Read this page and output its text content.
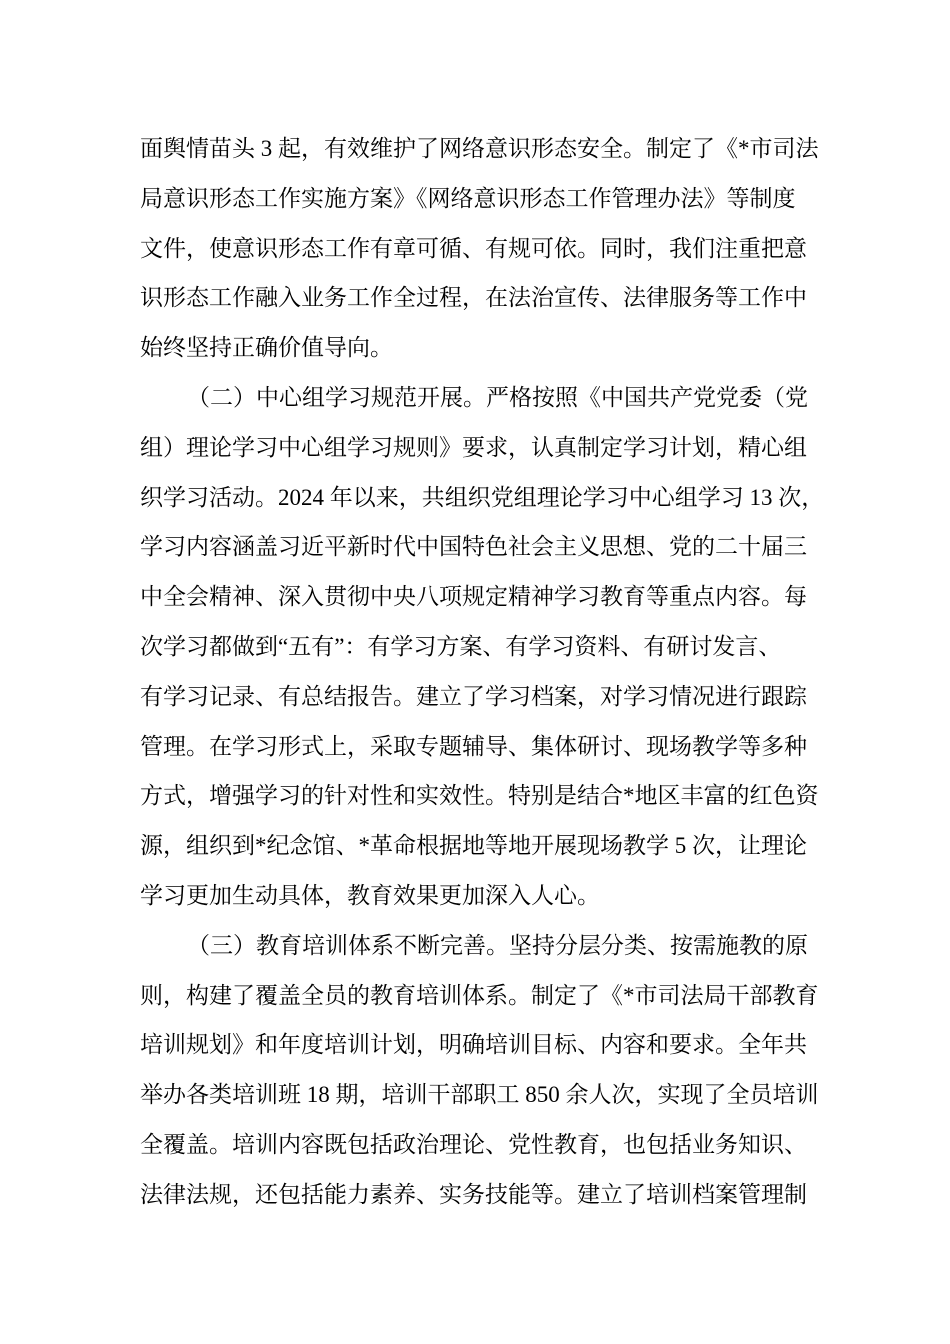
面舆情苗头 3 起，有效维护了网络意识形态安全。制定了《*市司法
局意识形态工作实施方案》《网络意识形态工作管理办法》等制度
文件，使意识形态工作有章可循、有规可依。同时，我们注重把意
识形态工作融入业务工作全过程，在法治宣传、法律服务等工作中
始终坚持正确价值导向。
（二）中心组学习规范开展。严格按照《中国共产党党委（党
组）理论学习中心组学习规则》要求，认真制定学习计划，精心组
织学习活动。2024 年以来，共组织党组理论学习中心组学习 13 次，
学习内容涵盖习近平新时代中国特色社会主义思想、党的二十届三
中全会精神、深入贯彻中央八项规定精神学习教育等重点内容。每
次学习都做到“五有”：有学习方案、有学习资料、有研讨发言、
有学习记录、有总结报告。建立了学习档案，对学习情况进行跟踪
管理。在学习形式上，采取专题辅导、集体研讨、现场教学等多种
方式，增强学习的针对性和实效性。特别是结合*地区丰富的红色资
源，组织到*纪念馆、*革命根据地等地开展现场教学 5 次，让理论
学习更加生动具体，教育效果更加深入人心。
（三）教育培训体系不断完善。坚持分层分类、按需施教的原
则，构建了覆盖全员的教育培训体系。制定了《*市司法局干部教育
培训规划》和年度培训计划，明确培训目标、内容和要求。全年共
举办各类培训班 18 期，培训干部职工 850 余人次，实现了全员培训
全覆盖。培训内容既包括政治理论、党性教育，也包括业务知识、
法律法规，还包括能力素养、实务技能等。建立了培训档案管理制
